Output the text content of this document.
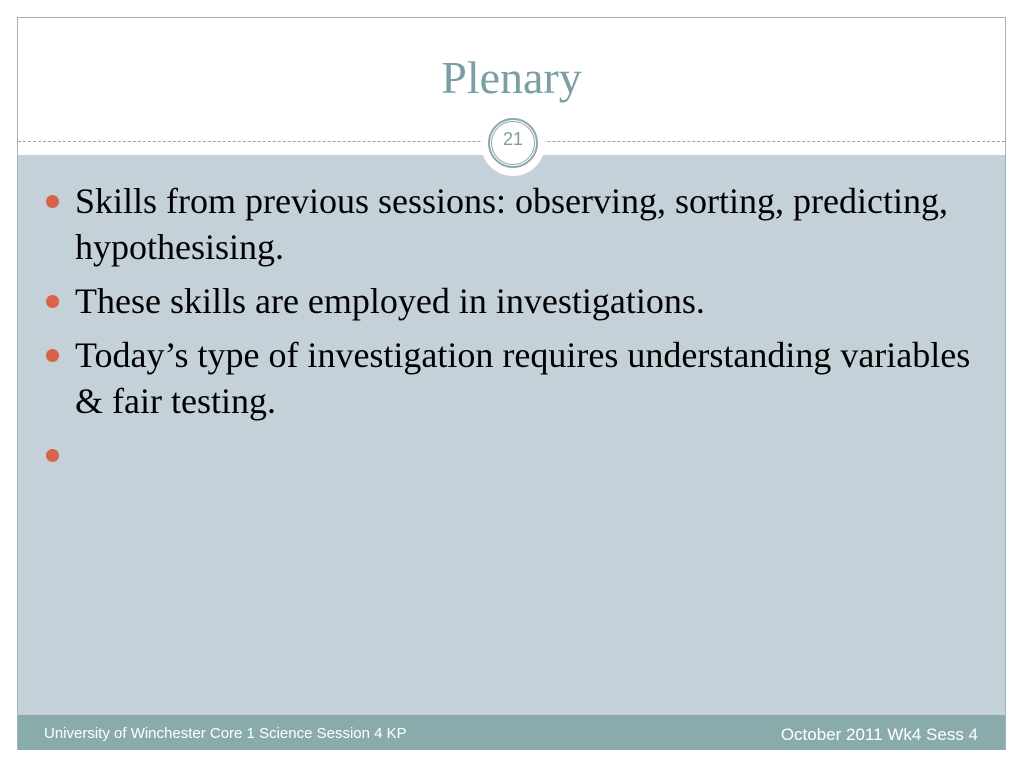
Plenary
21
Skills from previous sessions: observing, sorting, predicting, hypothesising.
These skills are employed in investigations.
Today’s type of investigation requires understanding variables & fair testing.
University of Winchester Core 1 Science Session 4 KP	October 2011 Wk4 Sess 4
